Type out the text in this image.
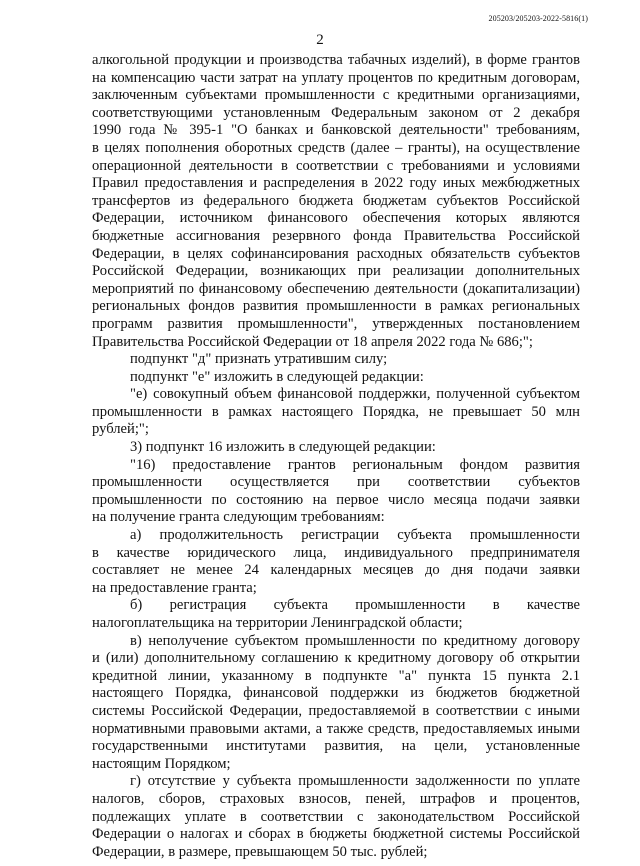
205203/205203-2022-5816(1)
2
алкогольной продукции и производства табачных изделий), в форме грантов
на компенсацию части затрат на уплату процентов по кредитным договорам,
заключенным субъектами промышленности с кредитными организациями,
соответствующими установленным Федеральным законом от 2 декабря
1990 года № 395-1 "О банках и банковской деятельности" требованиям,
в целях пополнения оборотных средств (далее – гранты), на осуществление
операционной деятельности в соответствии с требованиями и условиями
Правил предоставления и распределения в 2022 году иных межбюджетных
трансфертов из федерального бюджета бюджетам субъектов Российской
Федерации, источником финансового обеспечения которых являются
бюджетные ассигнования резервного фонда Правительства Российской
Федерации, в целях софинансирования расходных обязательств субъектов
Российской Федерации, возникающих при реализации дополнительных
мероприятий по финансовому обеспечению деятельности (докапитализации)
региональных фондов развития промышленности в рамках региональных
программ развития промышленности", утвержденных постановлением
Правительства Российской Федерации от 18 апреля 2022 года № 686;";
подпункт "д" признать утратившим силу;
подпункт "е" изложить в следующей редакции:
"е) совокупный объем финансовой поддержки, полученной субъектом
промышленности в рамках настоящего Порядка, не превышает 50 млн
рублей;";
3) подпункт 16 изложить в следующей редакции:
"16) предоставление грантов региональным фондом развития
промышленности осуществляется при соответствии субъектов
промышленности по состоянию на первое число месяца подачи заявки
на получение гранта следующим требованиям:
а) продолжительность регистрации субъекта промышленности
в качестве юридического лица, индивидуального предпринимателя
составляет не менее 24 календарных месяцев до дня подачи заявки
на предоставление гранта;
б) регистрация субъекта промышленности в качестве
налогоплательщика на территории Ленинградской области;
в) неполучение субъектом промышленности по кредитному договору
и (или) дополнительному соглашению к кредитному договору об открытии
кредитной линии, указанному в подпункте "а" пункта 15 пункта 2.1
настоящего Порядка, финансовой поддержки из бюджетов бюджетной
системы Российской Федерации, предоставляемой в соответствии с иными
нормативными правовыми актами, а также средств, предоставляемых иными
государственными институтами развития, на цели, установленные
настоящим Порядком;
г) отсутствие у субъекта промышленности задолженности по уплате
налогов, сборов, страховых взносов, пеней, штрафов и процентов,
подлежащих уплате в соответствии с законодательством Российской
Федерации о налогах и сборах в бюджеты бюджетной системы Российской
Федерации, в размере, превышающем 50 тыс. рублей;
